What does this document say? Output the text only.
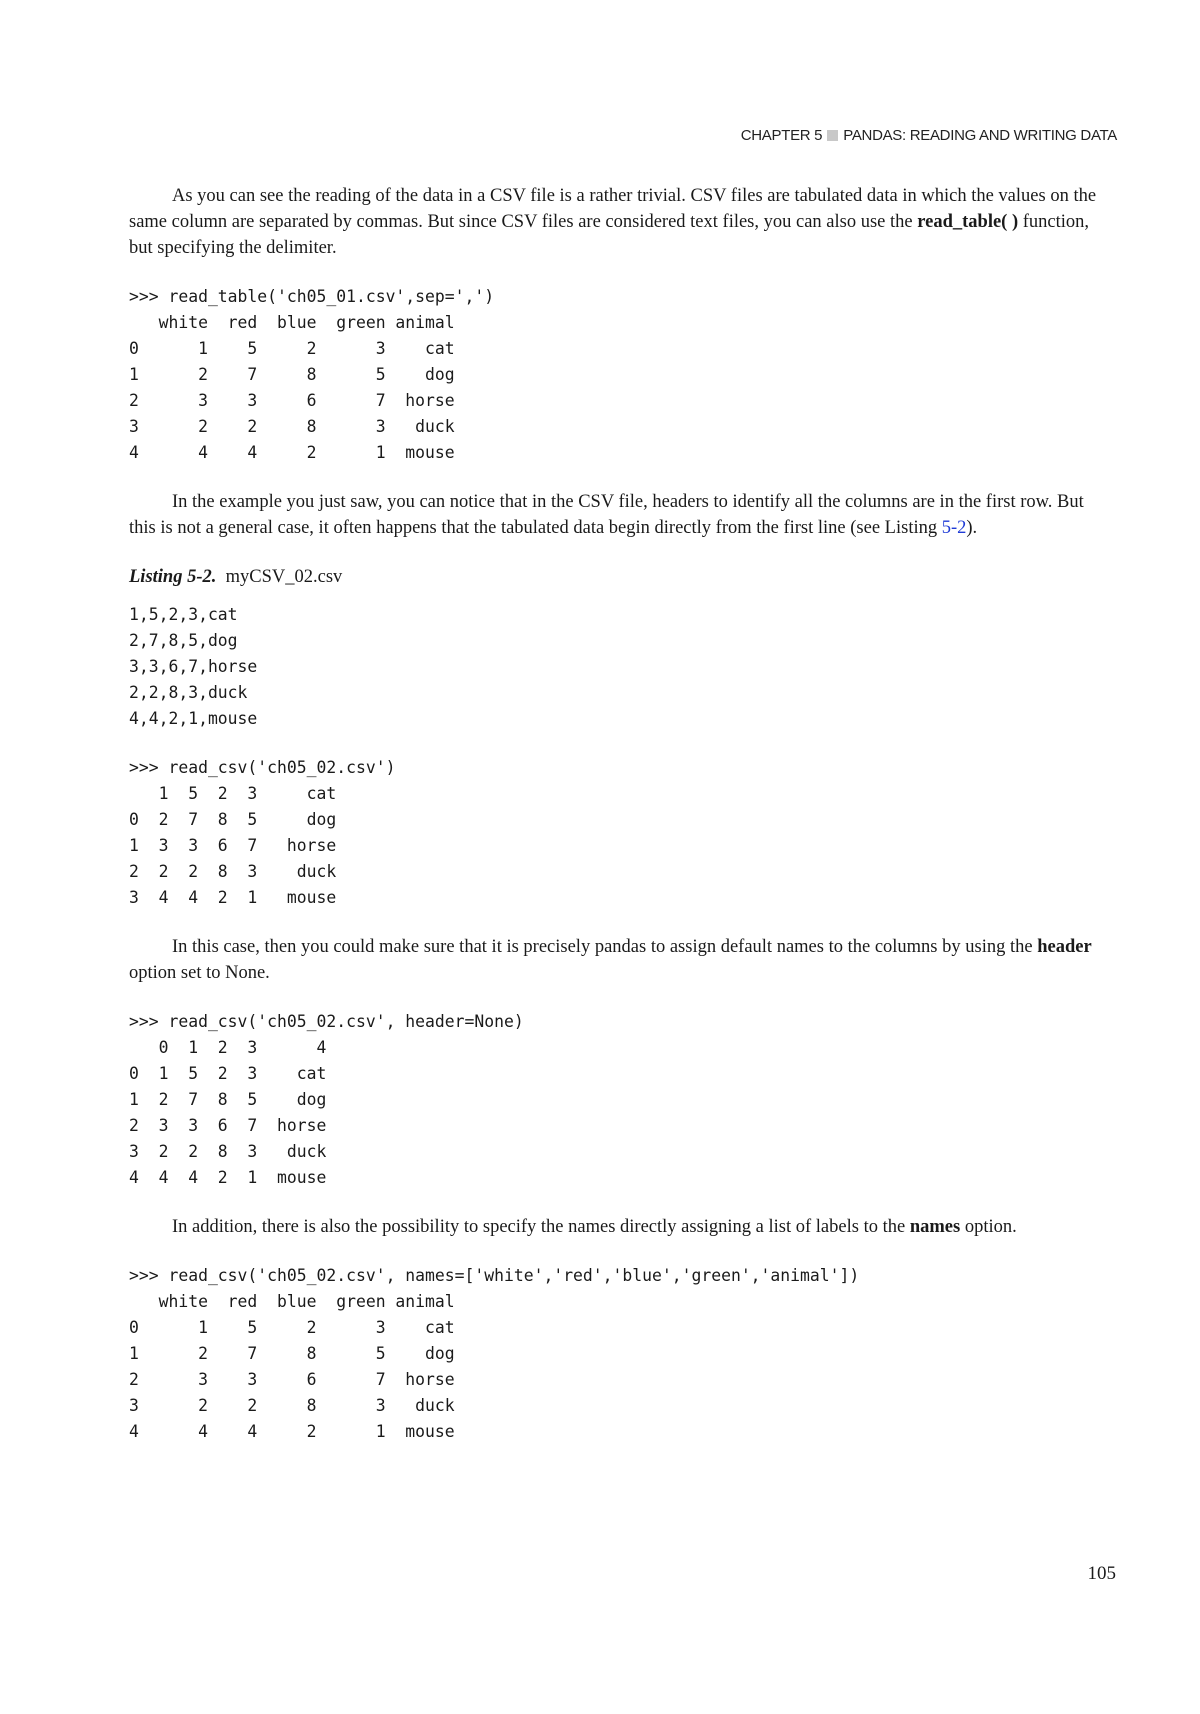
CHAPTER 5 PANDAS: READING AND WRITING DATA

As you can see the reading of the data in a CSV file is a rather trivial. CSV files are tabulated data in which the values on the same column are separated by commas. But since CSV files are considered text files, you can also use the read_table( ) function, but specifying the delimiter.

>>> read_table('ch05_01.csv',sep=',')
white  red  blue  green animal
0      1    5     2      3    cat
1      2    7     8      5    dog
2      3    3     6      7  horse
3      2    2     8      3   duck
4      4    4     2      1  mouse

In the example you just saw, you can notice that in the CSV file, headers to identify all the columns are in the first row. But this is not a general case, it often happens that the tabulated data begin directly from the first line (see Listing 5-2).

Listing 5-2. myCSV_02.csv

1,5,2,3,cat
2,7,8,5,dog
3,3,6,7,horse
2,2,8,3,duck
4,4,2,1,mouse
>>> read_csv('ch05_02.csv')
1  5  2  3     cat
0  2  7  8  5     dog
1  3  3  6  7   horse
2  2  2  8  3    duck
3  4  4  2  1   mouse

In this case, then you could make sure that it is precisely pandas to assign default names to the columns by using the header option set to None.

>>> read_csv('ch05_02.csv', header=None)
0  1  2  3      4
0  1  5  2  3    cat
1  2  7  8  5    dog
2  3  3  6  7  horse
3  2  2  8  3   duck
4  4  4  2  1  mouse

In addition, there is also the possibility to specify the names directly assigning a list of labels to the names option.

>>> read_csv('ch05_02.csv', names=['white','red','blue','green','animal'])
white  red  blue  green animal
0      1    5     2      3    cat
1      2    7     8      5    dog
2      3    3     6      7  horse
3      2    2     8      3   duck
4      4    4     2      1  mouse
105
